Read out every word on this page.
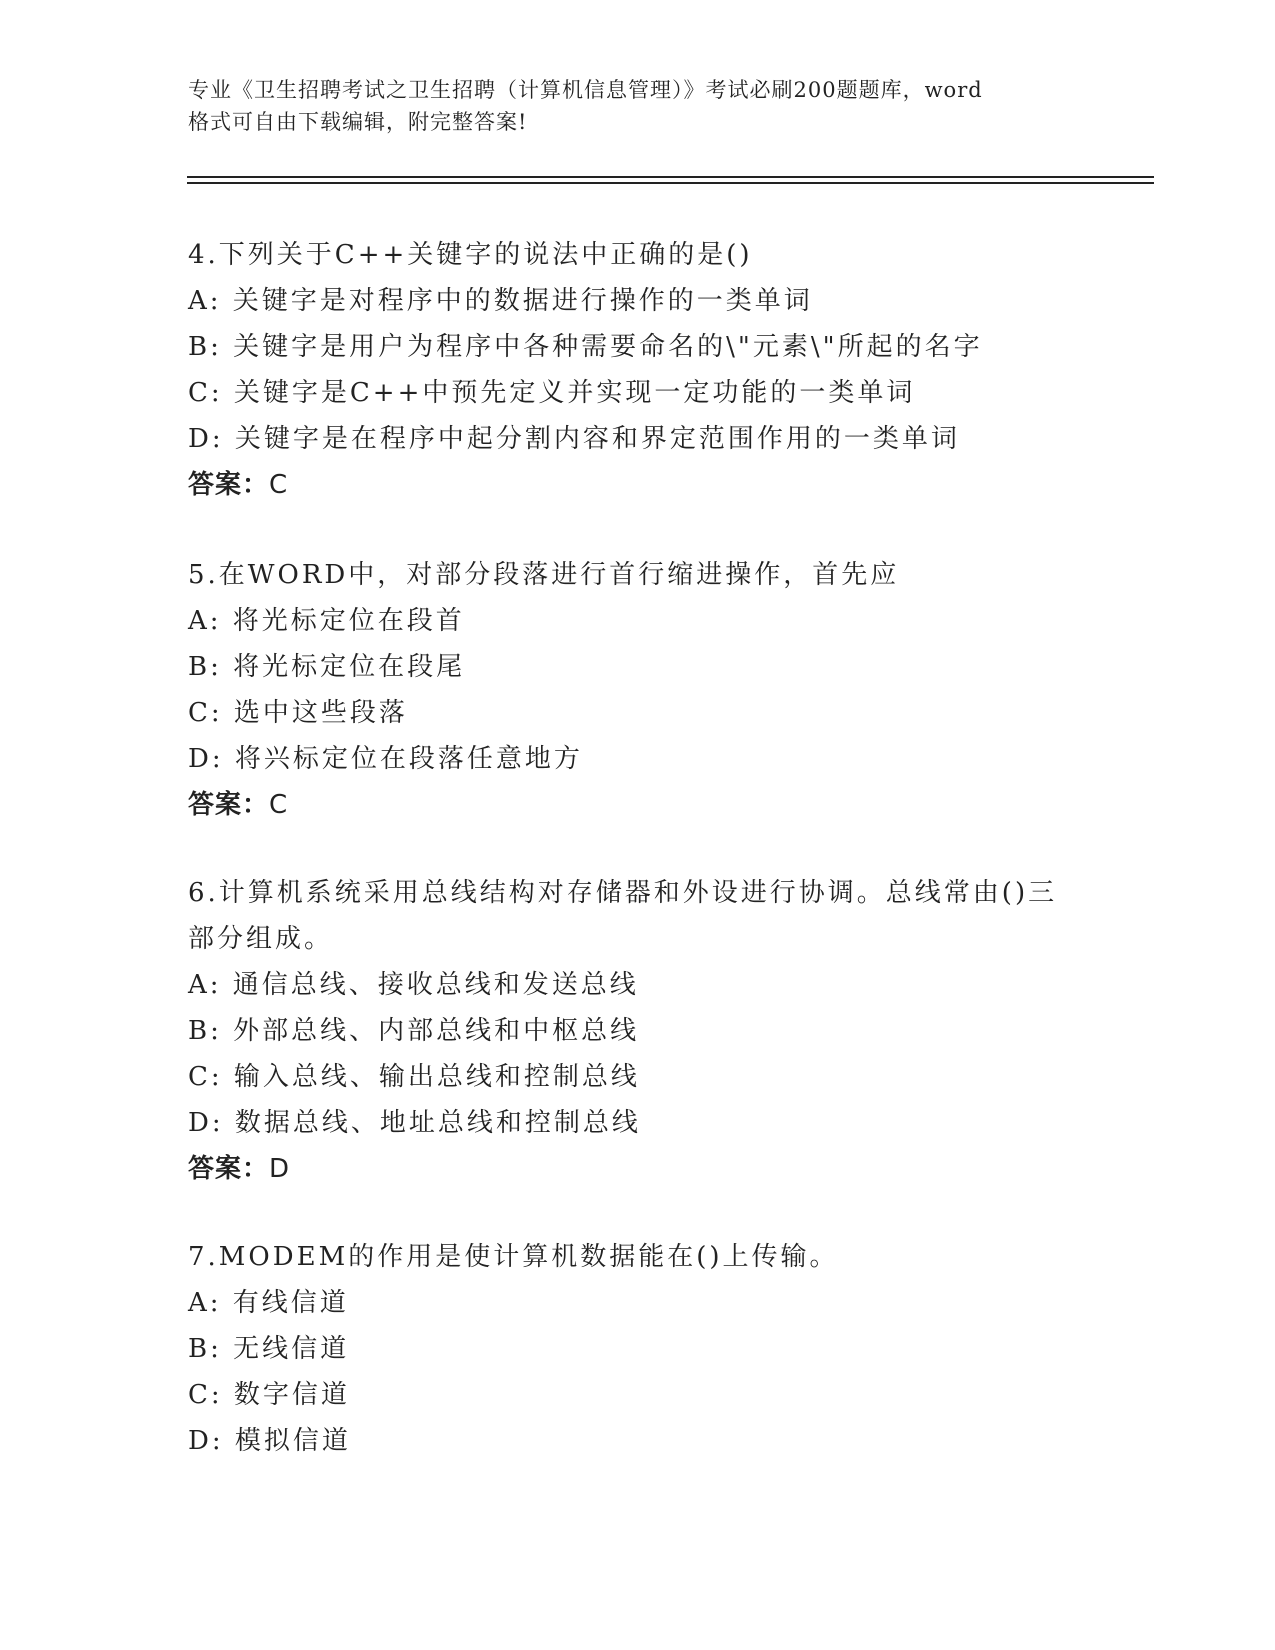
专业《卫生招聘考试之卫生招聘（计算机信息管理）》考试必刷200题题库，word
格式可自由下载编辑，附完整答案!
4.下列关于C++关键字的说法中正确的是()
A: 关键字是对程序中的数据进行操作的一类单词
B: 关键字是用户为程序中各种需要命名的\"元素\"所起的名字
C: 关键字是C++中预先定义并实现一定功能的一类单词
D: 关键字是在程序中起分割内容和界定范围作用的一类单词
答案：C
5.在WORD中，对部分段落进行首行缩进操作，首先应
A: 将光标定位在段首
B: 将光标定位在段尾
C: 选中这些段落
D: 将兴标定位在段落任意地方
答案：C
6.计算机系统采用总线结构对存储器和外设进行协调。总线常由()三部分组成。
A: 通信总线、接收总线和发送总线
B: 外部总线、内部总线和中枢总线
C: 输入总线、输出总线和控制总线
D: 数据总线、地址总线和控制总线
答案：D
7.MODEM的作用是使计算机数据能在()上传输。
A: 有线信道
B: 无线信道
C: 数字信道
D: 模拟信道
